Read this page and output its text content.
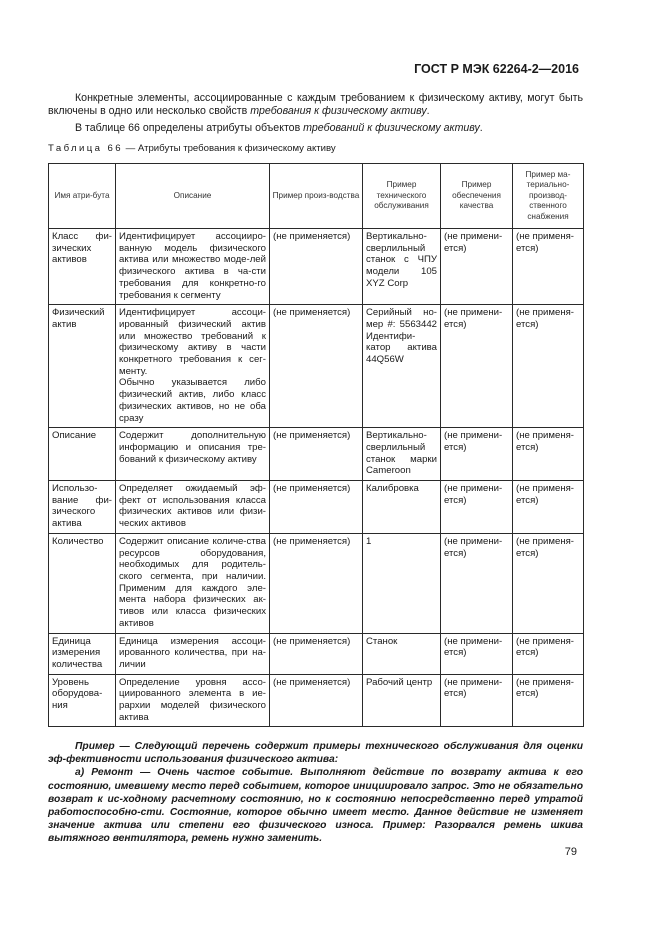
ГОСТ Р МЭК 62264-2—2016

Конкретные элементы, ассоциированные с каждым требованием к физическому активу, могут быть включены в одно или несколько свойств требования к физическому активу.

В таблице 66 определены атрибуты объектов требований к физическому активу.

Таблица 66 — Атрибуты требования к физическому активу
Имя атри-бута	Описание	Пример произ-водства	Пример технического обслуживания	Пример обеспечения качества	Пример ма-териально-производ-ственного снабжения
Класс фи-зических активов	Идентифицирует ассоцииро-ванную модель физического актива или множество моде-лей физического актива в ча-сти требования для конкретно-го требования к сегменту	(не применяется)	Вертикально-сверлильный станок с ЧПУ модели 105 XYZ Corp	(не примени-ется)	(не применя-ется)
Физический актив	Идентифицирует ассоци-ированный физический актив или множество требований к физическому активу в части конкретного требования к сег-менту.
Обычно указывается либо физический актив, либо класс физических активов, но не оба сразу	(не применяется)	Серийный но-мер #: 5563442 Идентифи-катор актива 44Q56W	(не примени-ется)	(не применя-ется)
Описание	Содержит дополнительную информацию и описания тре-бований к физическому активу	(не применяется)	Вертикально-сверлильный станок марки Cameroon	(не примени-ется)	(не применя-ется)
Использо-вание фи-зического актива	Определяет ожидаемый эф-фект от использования класса физических активов или физи-ческих активов	(не применяется)	Калибровка	(не примени-ется)	(не применя-ется)
Количество	Содержит описание количе-ства ресурсов оборудования, необходимых для родитель-ского сегмента, при наличии. Применим для каждого эле-мента набора физических ак-тивов или класса физических активов	(не применяется)	1	(не примени-ется)	(не применя-ется)
Единица измерения количества	Единица измерения ассоци-ированного количества, при на-личии	(не применяется)	Станок	(не примени-ется)	(не применя-ется)
Уровень оборудова-ния	Определение уровня ассо-циированного элемента в ие-рархии моделей физического актива	(не применяется)	Рабочий центр	(не примени-ется)	(не применя-ется)

Пример — Следующий перечень содержит примеры технического обслуживания для оценки эф-фективности использования физического актива:

а) Ремонт — Очень частое событие. Выполняют действие по возврату актива к его состоянию, имевшему место перед событием, которое инициировало запрос. Это не обязательно возврат к ис-ходному расчетному состоянию, но к состоянию непосредственно перед утратой работоспособно-сти. Состояние, которое обычно имеет место. Данное действие не изменяет значение актива или степени его физического износа. Пример: Разорвался ремень шкива вытяжного вентилятора, ремень нужно заменить.

79
